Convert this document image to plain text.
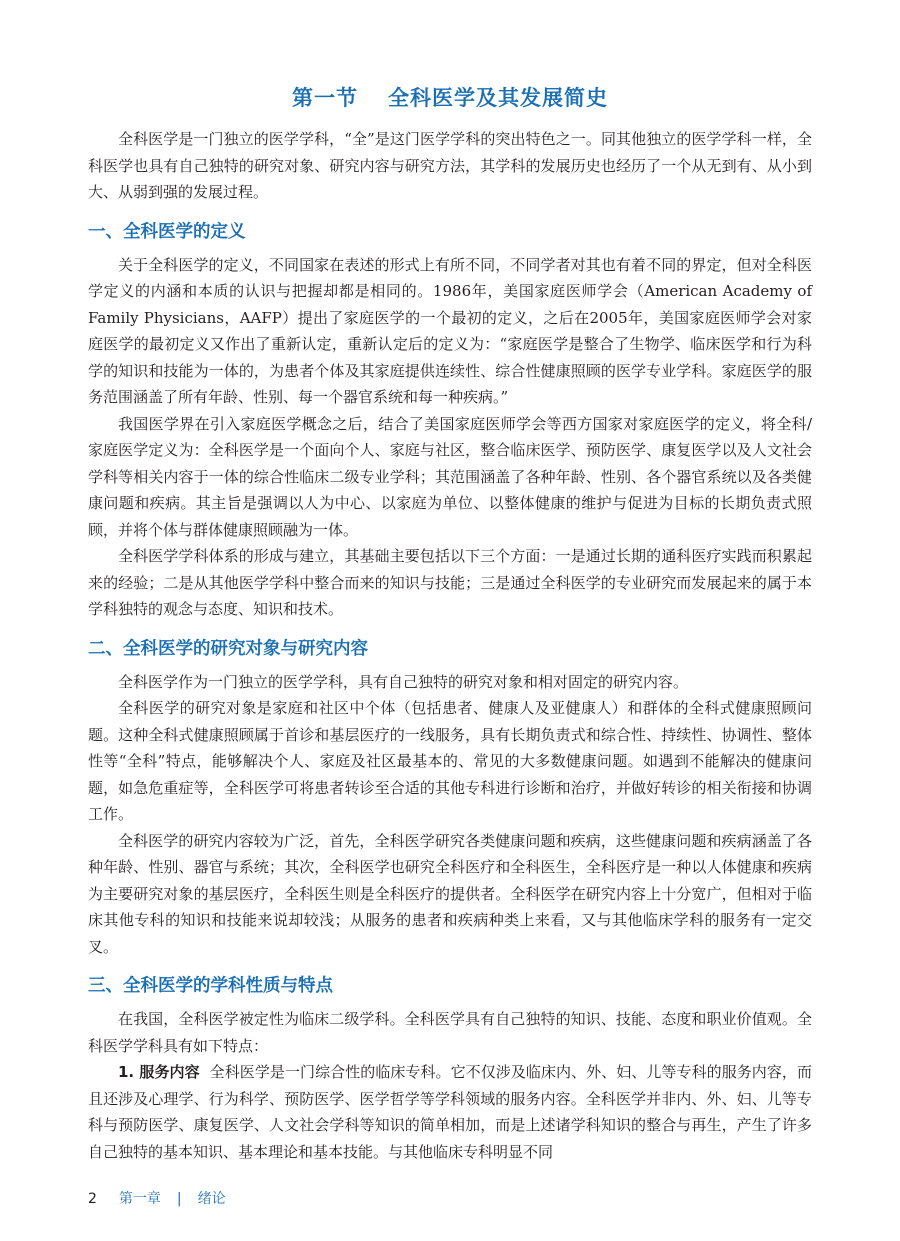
第一节 全科医学及其发展简史

全科医学是一门独立的医学学科，“全”是这门医学学科的突出特色之一。同其他独立的医学学科一样，全科医学也具有自己独特的研究对象、研究内容与研究方法，其学科的发展历史也经历了一个从无到有、从小到大、从弱到强的发展过程。

一、全科医学的定义

关于全科医学的定义，不同国家在表述的形式上有所不同，不同学者对其也有着不同的界定，但对全科医学定义的内涵和本质的认识与把握却都是相同的。1986年，美国家庭医师学会（American Academy of Family Physicians，AAFP）提出了家庭医学的一个最初的定义，之后在2005年，美国家庭医师学会对家庭医学的最初定义又作出了重新认定，重新认定后的定义为：“家庭医学是整合了生物学、临床医学和行为科学的知识和技能为一体的，为患者个体及其家庭提供连续性、综合性健康照顾的医学专业学科。家庭医学的服务范围涵盖了所有年龄、性别、每一个器官系统和每一种疾病。”

我国医学界在引入家庭医学概念之后，结合了美国家庭医师学会等西方国家对家庭医学的定义，将全科/家庭医学定义为：全科医学是一个面向个人、家庭与社区，整合临床医学、预防医学、康复医学以及人文社会学科等相关内容于一体的综合性临床二级专业学科；其范围涵盖了各种年龄、性别、各个器官系统以及各类健康问题和疾病。其主旨是强调以人为中心、以家庭为单位、以整体健康的维护与促进为目标的长期负责式照顾，并将个体与群体健康照顾融为一体。

全科医学学科体系的形成与建立，其基础主要包括以下三个方面：一是通过长期的通科医疗实践而积累起来的经验；二是从其他医学学科中整合而来的知识与技能；三是通过全科医学的专业研究而发展起来的属于本学科独特的观念与态度、知识和技术。

二、全科医学的研究对象与研究内容

全科医学作为一门独立的医学学科，具有自己独特的研究对象和相对固定的研究内容。

全科医学的研究对象是家庭和社区中个体（包括患者、健康人及亚健康人）和群体的全科式健康照顾问题。这种全科式健康照顾属于首诊和基层医疗的一线服务，具有长期负责式和综合性、持续性、协调性、整体性等“全科”特点，能够解决个人、家庭及社区最基本的、常见的大多数健康问题。如遇到不能解决的健康问题，如急危重症等，全科医学可将患者转诊至合适的其他专科进行诊断和治疗，并做好转诊的相关衔接和协调工作。

全科医学的研究内容较为广泛，首先，全科医学研究各类健康问题和疾病，这些健康问题和疾病涵盖了各种年龄、性别、器官与系统；其次，全科医学也研究全科医疗和全科医生，全科医疗是一种以人体健康和疾病为主要研究对象的基层医疗，全科医生则是全科医疗的提供者。全科医学在研究内容上十分宽广，但相对于临床其他专科的知识和技能来说却较浅；从服务的患者和疾病种类上来看，又与其他临床学科的服务有一定交叉。

三、全科医学的学科性质与特点

在我国，全科医学被定性为临床二级学科。全科医学具有自己独特的知识、技能、态度和职业价值观。全科医学学科具有如下特点：

1. 服务内容 全科医学是一门综合性的临床专科。它不仅涉及临床内、外、妇、儿等专科的服务内容，而且还涉及心理学、行为科学、预防医学、医学哲学等学科领域的服务内容。全科医学并非内、外、妇、儿等专科与预防医学、康复医学、人文社会学科等知识的简单相加，而是上述诸学科知识的整合与再生，产生了许多自己独特的基本知识、基本理论和基本技能。与其他临床专科明显不同

2 第一章 | 绪论
